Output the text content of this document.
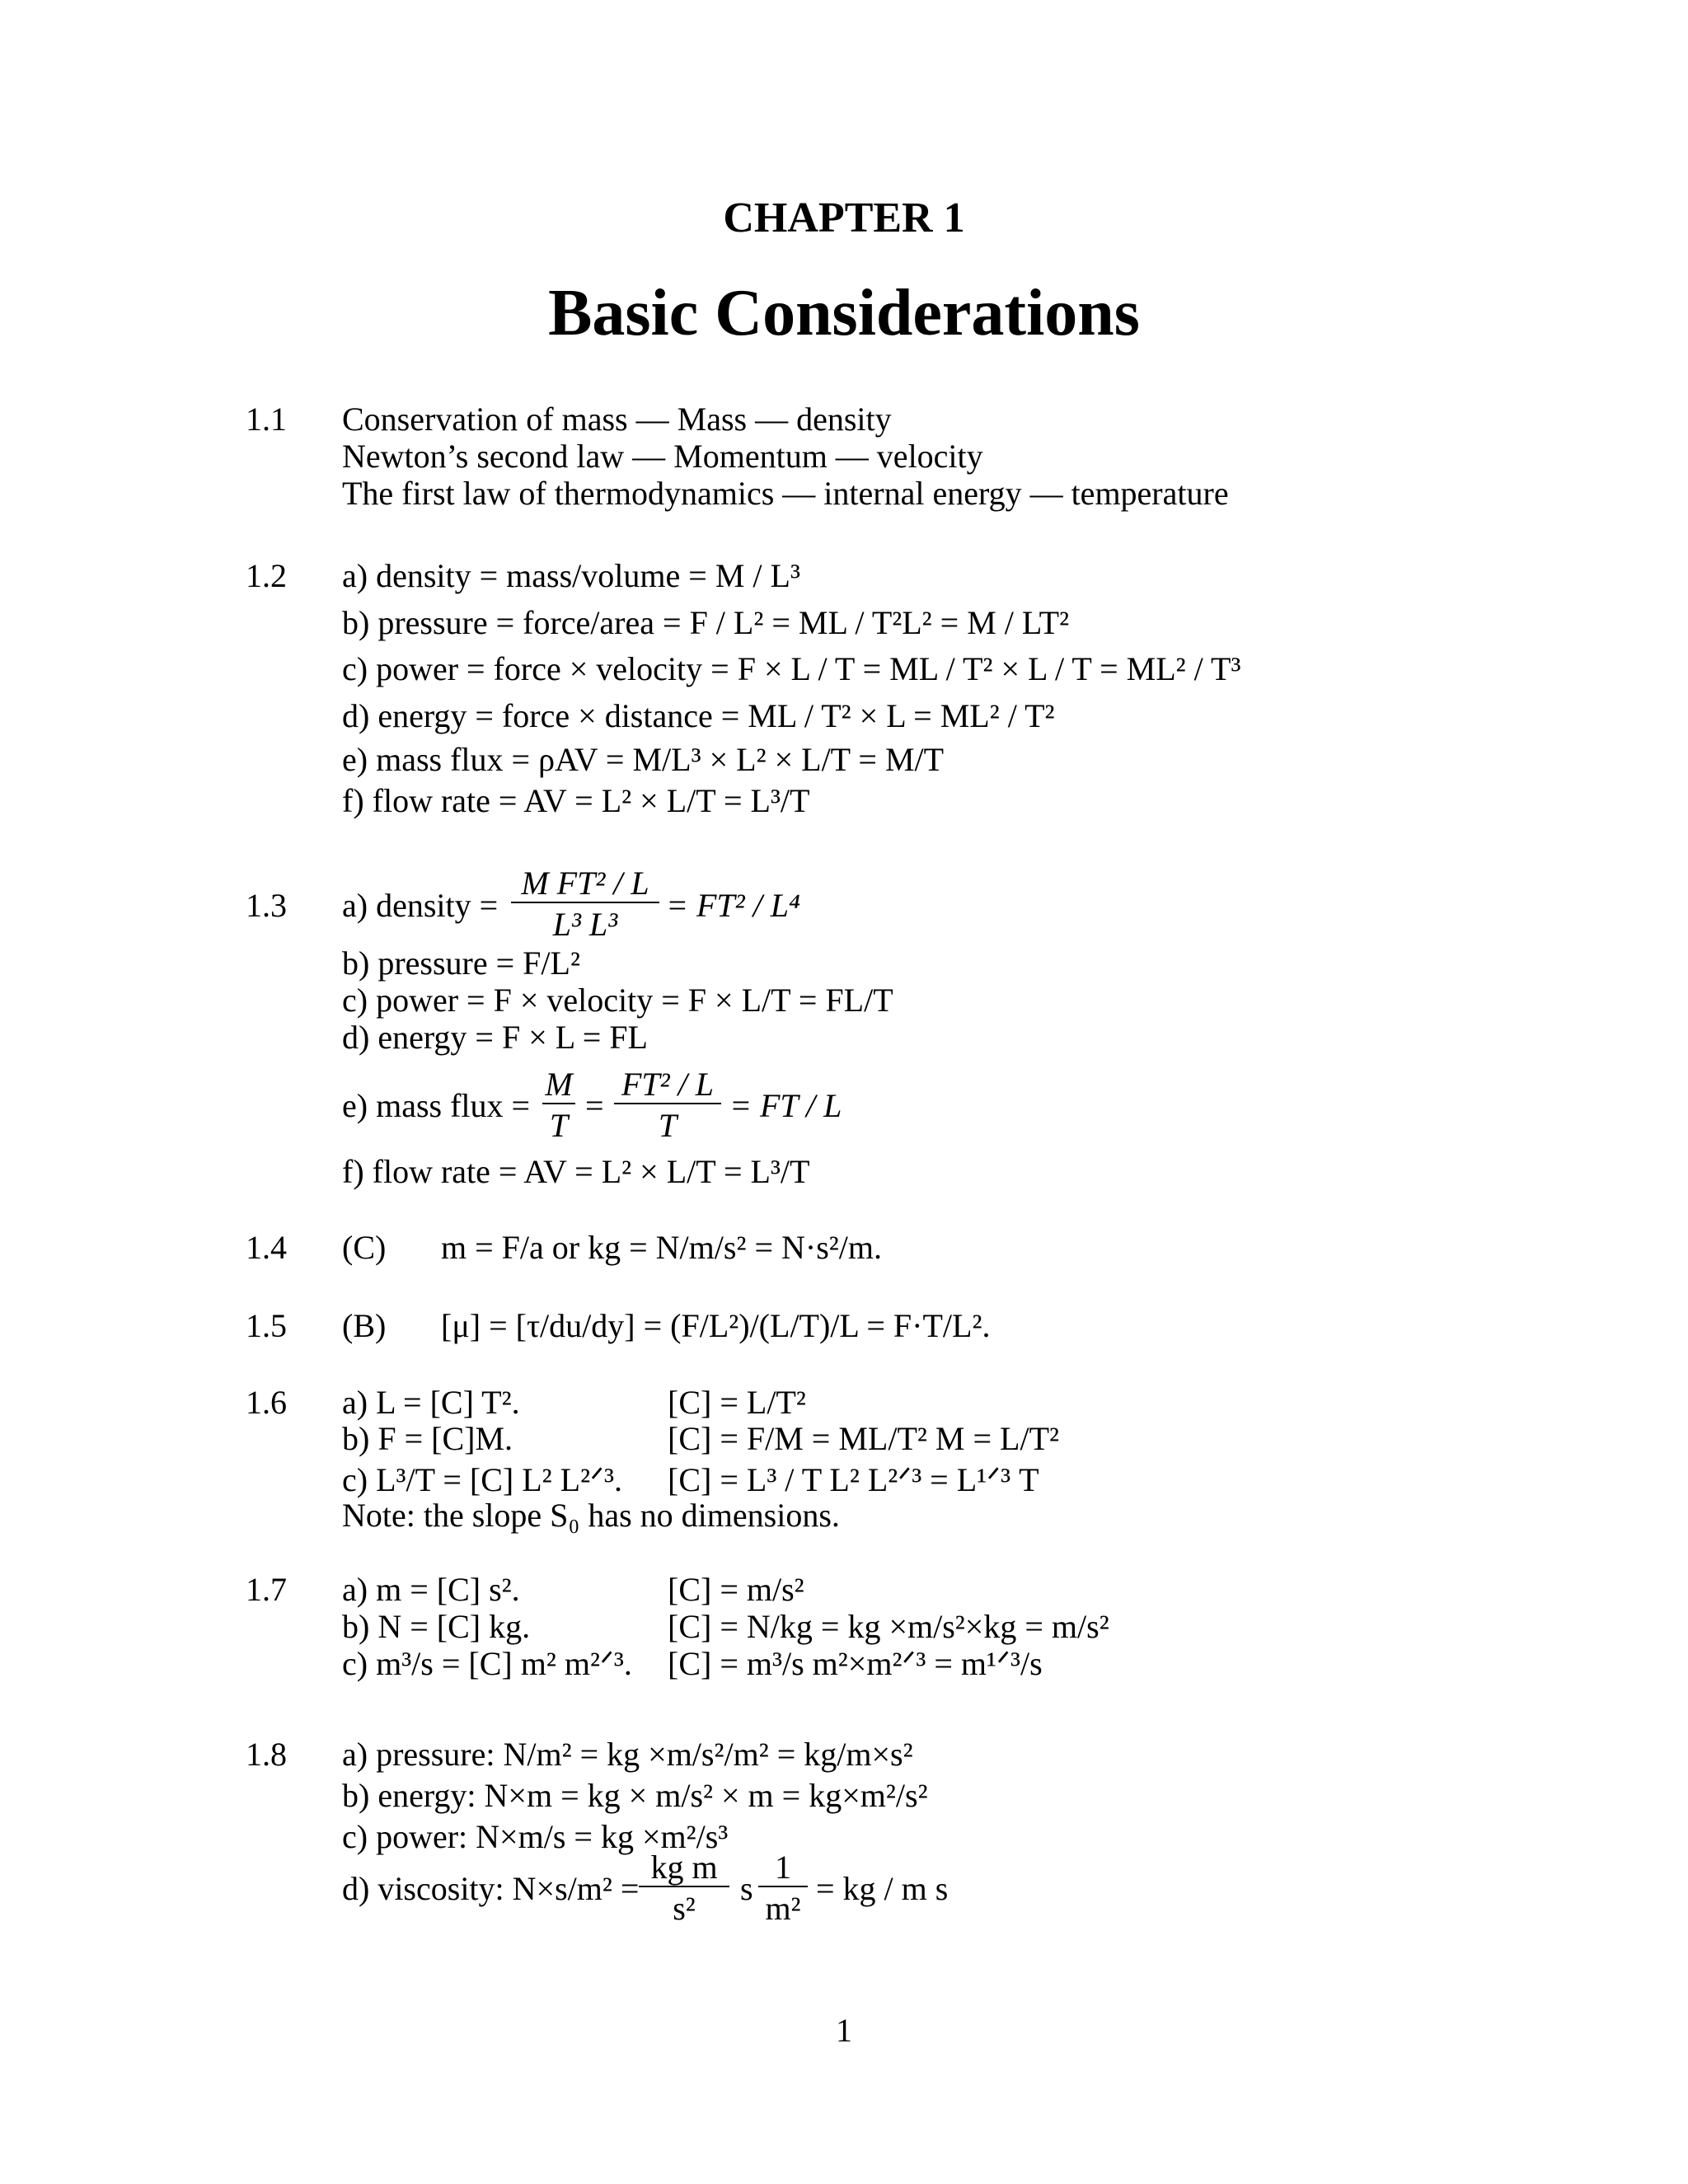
CHAPTER 1
Basic Considerations
1.1 Conservation of mass — Mass — density
Newton’s second law — Momentum — velocity
The first law of thermodynamics — internal energy — temperature
1.2 a) density = mass/volume = M / L³
b) pressure = force/area = F / L² = ML / T²L² = M / LT²
c) power = force × velocity = F × L / T = ML / T² × L / T = ML² / T³
d) energy = force × distance = ML / T² × L = ML² / T²
e) mass flux = ρAV = M/L³ × L² × L/T = M/T
f) flow rate = AV = L² × L/T = L³/T
1.3 a) density =
M FT² / L
L³ L³
= FT² / L⁴
b) pressure = F/L²
c) power = F × velocity = F × L/T = FL/T
d) energy = F × L = FL
e) mass flux =
M
T
=
FT² / L
T
= FT / L
f) flow rate = AV = L² × L/T = L³/T
1.4 (C) m = F/a or kg = N/m/s² = N·s²/m.
1.5 (B) [μ] = [τ/du/dy] = (F/L²)/(L/T)/L = F·T/L².
1.6 a) L = [C] T².	[C] = L/T²
b) F = [C]M.	[C] = F/M = ML/T² M = L/T²
c) L³/T = [C] L² L²ᐟ³. [C] = L³ / T L² L²ᐟ³ = L¹ᐟ³ T
Note: the slope S₀ has no dimensions.
1.7 a) m = [C] s².	[C] = m/s²
b) N = [C] kg.	[C] = N/kg = kg ×m/s²×kg = m/s²
c) m³/s = [C] m² m²ᐟ³. [C] = m³/s m²×m²ᐟ³ = m¹ᐟ³/s
1.8 a) pressure: N/m² = kg ×m/s²/m² = kg/m×s²
b) energy: N×m = kg × m/s² × m = kg×m²/s²
c) power: N×m/s = kg ×m²/s³
d) viscosity: N×s/m² =
kg m
s²
s
1
m²
= kg / m s
1
